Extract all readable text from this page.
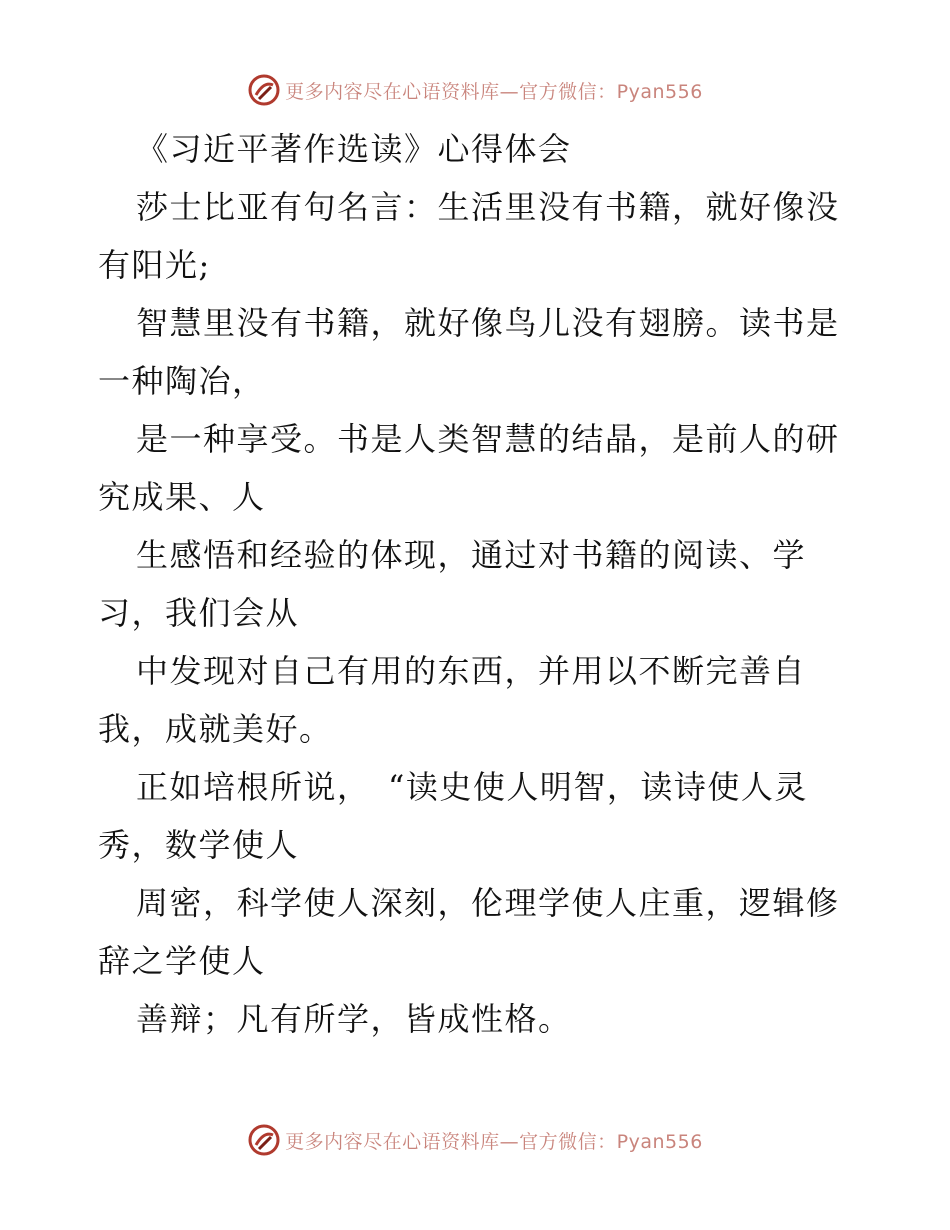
更多内容尽在心语资料库—官方微信：Pyan556
《习近平著作选读》心得体会
莎士比亚有句名言：生活里没有书籍，就好像没
有阳光;
智慧里没有书籍，就好像鸟儿没有翅膀。读书是
一种陶冶，
是一种享受。书是人类智慧的结晶，是前人的研
究成果、人
生感悟和经验的体现，通过对书籍的阅读、学
习，我们会从
中发现对自己有用的东西，并用以不断完善自
我，成就美好。
正如培根所说，　“读史使人明智，读诗使人灵
秀，数学使人
周密，科学使人深刻，伦理学使人庄重，逻辑修
辞之学使人
善辩；凡有所学，皆成性格。
更多内容尽在心语资料库—官方微信：Pyan556
